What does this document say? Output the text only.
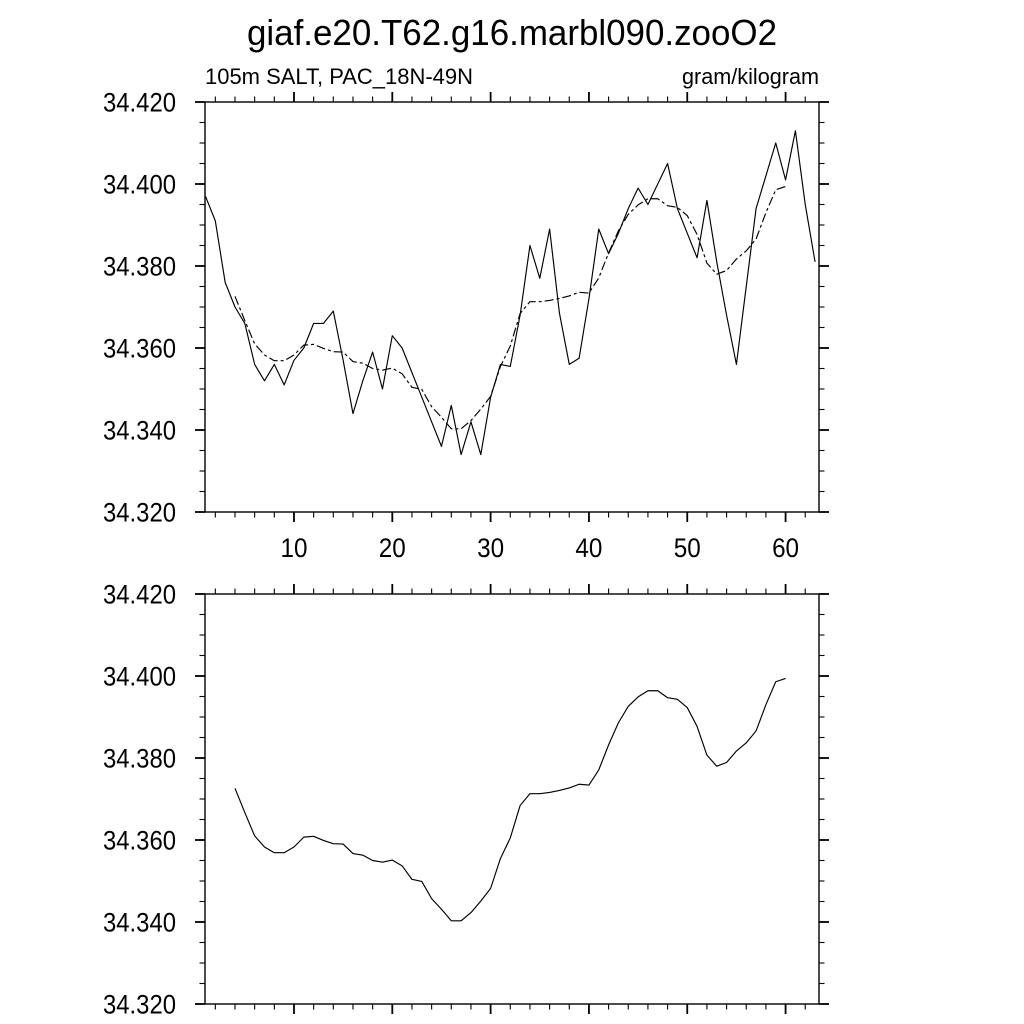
giaf.e20.T62.g16.marbl090.zooO2
105m SALT, PAC_18N-49N	gram/kilogram
10	20	30	40	50	60
34.320
34.340
34.360
34.380
34.400
34.420
34.320
34.340
34.360
34.380
34.400
34.420
